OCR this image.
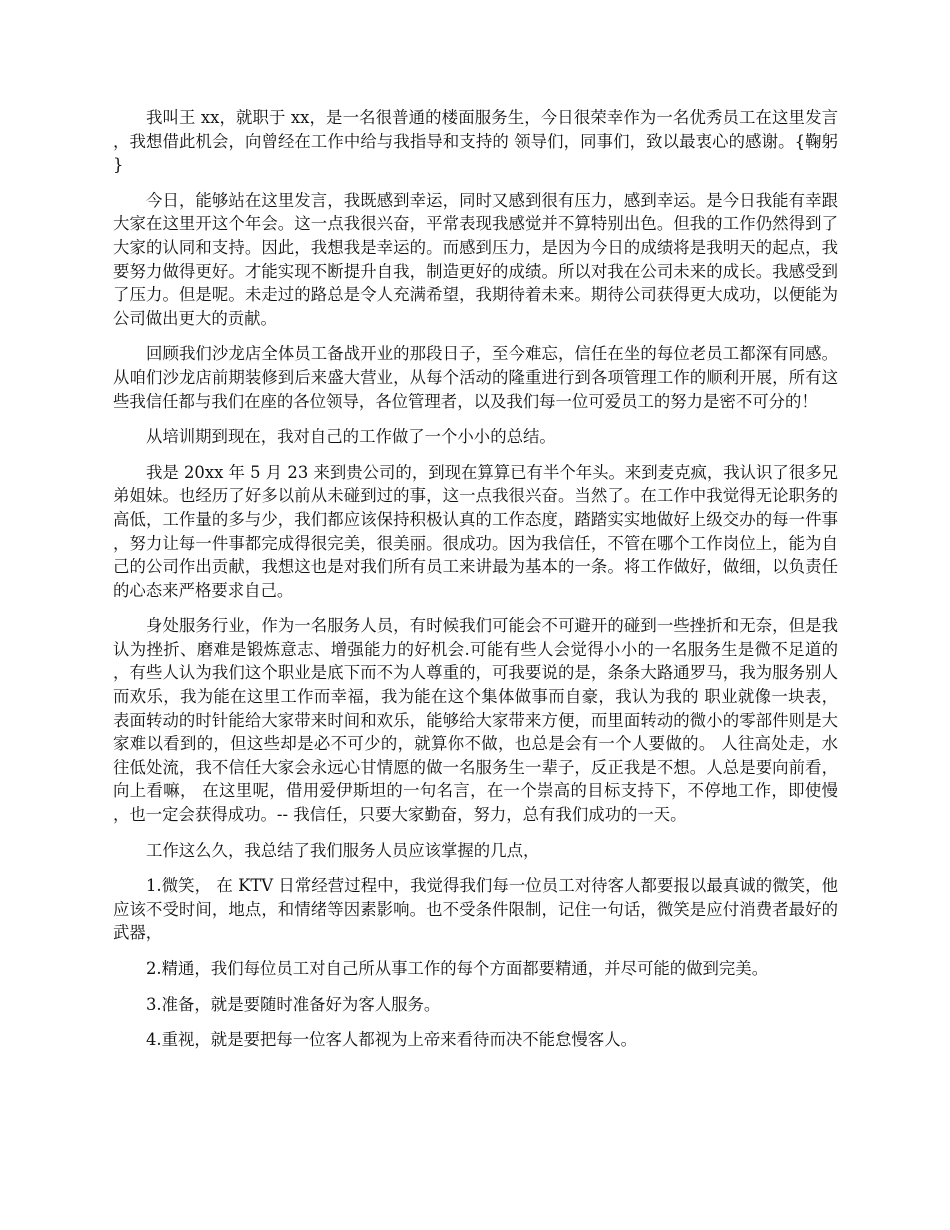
我叫王 xx，就职于 xx，是一名很普通的楼面服务生，今日很荣幸作为一名优秀员工在这里发言，我想借此机会，向曾经在工作中给与我指导和支持的 领导们，同事们，致以最衷心的感谢。{鞠躬}

今日，能够站在这里发言，我既感到幸运，同时又感到很有压力，感到幸运。是今日我能有幸跟大家在这里开这个年会。这一点我很兴奋，平常表现我感觉并不算特别出色。但我的工作仍然得到了大家的认同和支持。因此，我想我是幸运的。而感到压力，是因为今日的成绩将是我明天的起点，我要努力做得更好。才能实现不断提升自我，制造更好的成绩。所以对我在公司未来的成长。我感受到了压力。但是呢。未走过的路总是令人充满希望，我期待着未来。期待公司获得更大成功，以便能为公司做出更大的贡献。

回顾我们沙龙店全体员工备战开业的那段日子，至今难忘，信任在坐的每位老员工都深有同感。从咱们沙龙店前期装修到后来盛大营业，从每个活动的隆重进行到各项管理工作的顺利开展，所有这些我信任都与我们在座的各位领导，各位管理者，以及我们每一位可爱员工的努力是密不可分的！

从培训期到现在，我对自己的工作做了一个小小的总结。

我是 20xx 年 5 月 23 来到贵公司的，到现在算算已有半个年头。来到麦克疯，我认识了很多兄弟姐妹。也经历了好多以前从未碰到过的事，这一点我很兴奋。当然了。在工作中我觉得无论职务的高低，工作量的多与少，我们都应该保持积极认真的工作态度，踏踏实实地做好上级交办的每一件事，努力让每一件事都完成得很完美，很美丽。很成功。因为我信任，不管在哪个工作岗位上，能为自己的公司作出贡献，我想这也是对我们所有员工来讲最为基本的一条。将工作做好，做细，以负责任的心态来严格要求自己。

身处服务行业，作为一名服务人员，有时候我们可能会不可避开的碰到一些挫折和无奈，但是我认为挫折、磨难是锻炼意志、增强能力的好机会.可能有些人会觉得小小的一名服务生是微不足道的，有些人认为我们这个职业是底下而不为人尊重的，可我要说的是，条条大路通罗马，我为服务别人而欢乐，我为能在这里工作而幸福，我为能在这个集体做事而自豪，我认为我的 职业就像一块表，表面转动的时针能给大家带来时间和欢乐，能够给大家带来方便，而里面转动的微小的零部件则是大家难以看到的，但这些却是必不可少的，就算你不做，也总是会有一个人要做的。 人往高处走，水往低处流，我不信任大家会永远心甘情愿的做一名服务生一辈子，反正我是不想。人总是要向前看，向上看嘛， 在这里呢，借用爱伊斯坦的一句名言，在一个崇高的目标支持下，不停地工作，即使慢，也一定会获得成功。-- 我信任，只要大家勤奋，努力，总有我们成功的一天。

工作这么久，我总结了我们服务人员应该掌握的几点，

1.微笑， 在 KTV 日常经营过程中，我觉得我们每一位员工对待客人都要报以最真诚的微笑，他应该不受时间，地点，和情绪等因素影响。也不受条件限制，记住一句话，微笑是应付消费者最好的武器，

2.精通，我们每位员工对自己所从事工作的每个方面都要精通，并尽可能的做到完美。

3.准备，就是要随时准备好为客人服务。

4.重视，就是要把每一位客人都视为上帝来看待而决不能怠慢客人。
